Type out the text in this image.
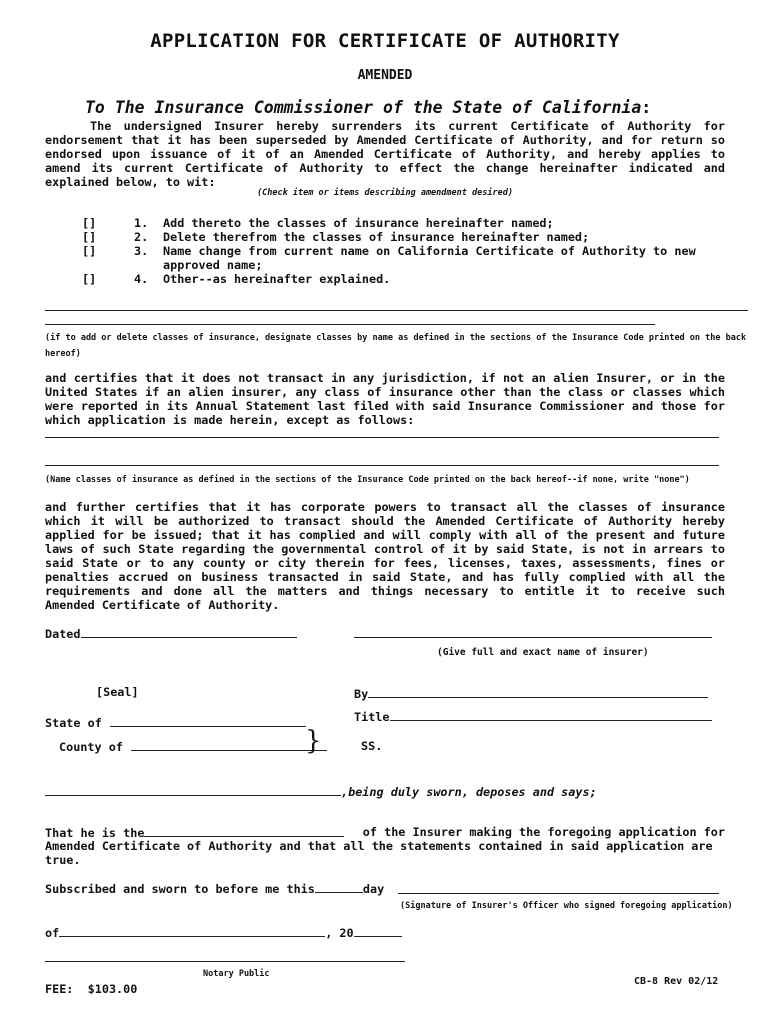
APPLICATION FOR CERTIFICATE OF AUTHORITY
AMENDED
To The Insurance Commissioner of the State of California:
The undersigned Insurer hereby surrenders its current Certificate of Authority for endorsement that it has been superseded by Amended Certificate of Authority, and for return so endorsed upon issuance of it of an Amended Certificate of Authority, and hereby applies to amend its current Certificate of Authority to effect the change hereinafter indicated and explained below, to wit:
(Check item or items describing amendment desired)
[]	1. Add thereto the classes of insurance hereinafter named;
[]	2. Delete therefrom the classes of insurance hereinafter named;
[]	3. Name change from current name on California Certificate of Authority to new
approved name;
[]	4. Other--as hereinafter explained.
(if to add or delete classes of insurance, designate classes by name as defined in the sections of the Insurance Code printed on the back
hereof)
and certifies that it does not transact in any jurisdiction, if not an alien Insurer, or in the United States if an alien insurer, any class of insurance other than the class or classes which were reported in its Annual Statement last filed with said Insurance Commissioner and those for which application is made herein, except as follows:
(Name classes of insurance as defined in the sections of the Insurance Code printed on the back hereof--if none, write "none")
and further certifies that it has corporate powers to transact all the classes of insurance which it will be authorized to transact should the Amended Certificate of Authority hereby applied for be issued; that it has complied and will comply with all of the present and future laws of such State regarding the governmental control of it by said State, is not in arrears to said State or to any county or city therein for fees, licenses, taxes, assessments, fines or penalties accrued on business transacted in said State, and has fully complied with all the requirements and done all the matters and things necessary to entitle it to receive such Amended Certificate of Authority.
Dated
(Give full and exact name of insurer)
[Seal]	By
Title
State of
County of	}	SS.
,being duly sworn, deposes and says;
That he is the	of the Insurer making the foregoing application for
Amended Certificate of Authority and that all the statements contained in said application are
true.
Subscribed and sworn to before me this	day
(Signature of Insurer's Officer who signed foregoing application)
of	, 20
Notary Public
FEE: $103.00
CB-8 Rev 02/12
